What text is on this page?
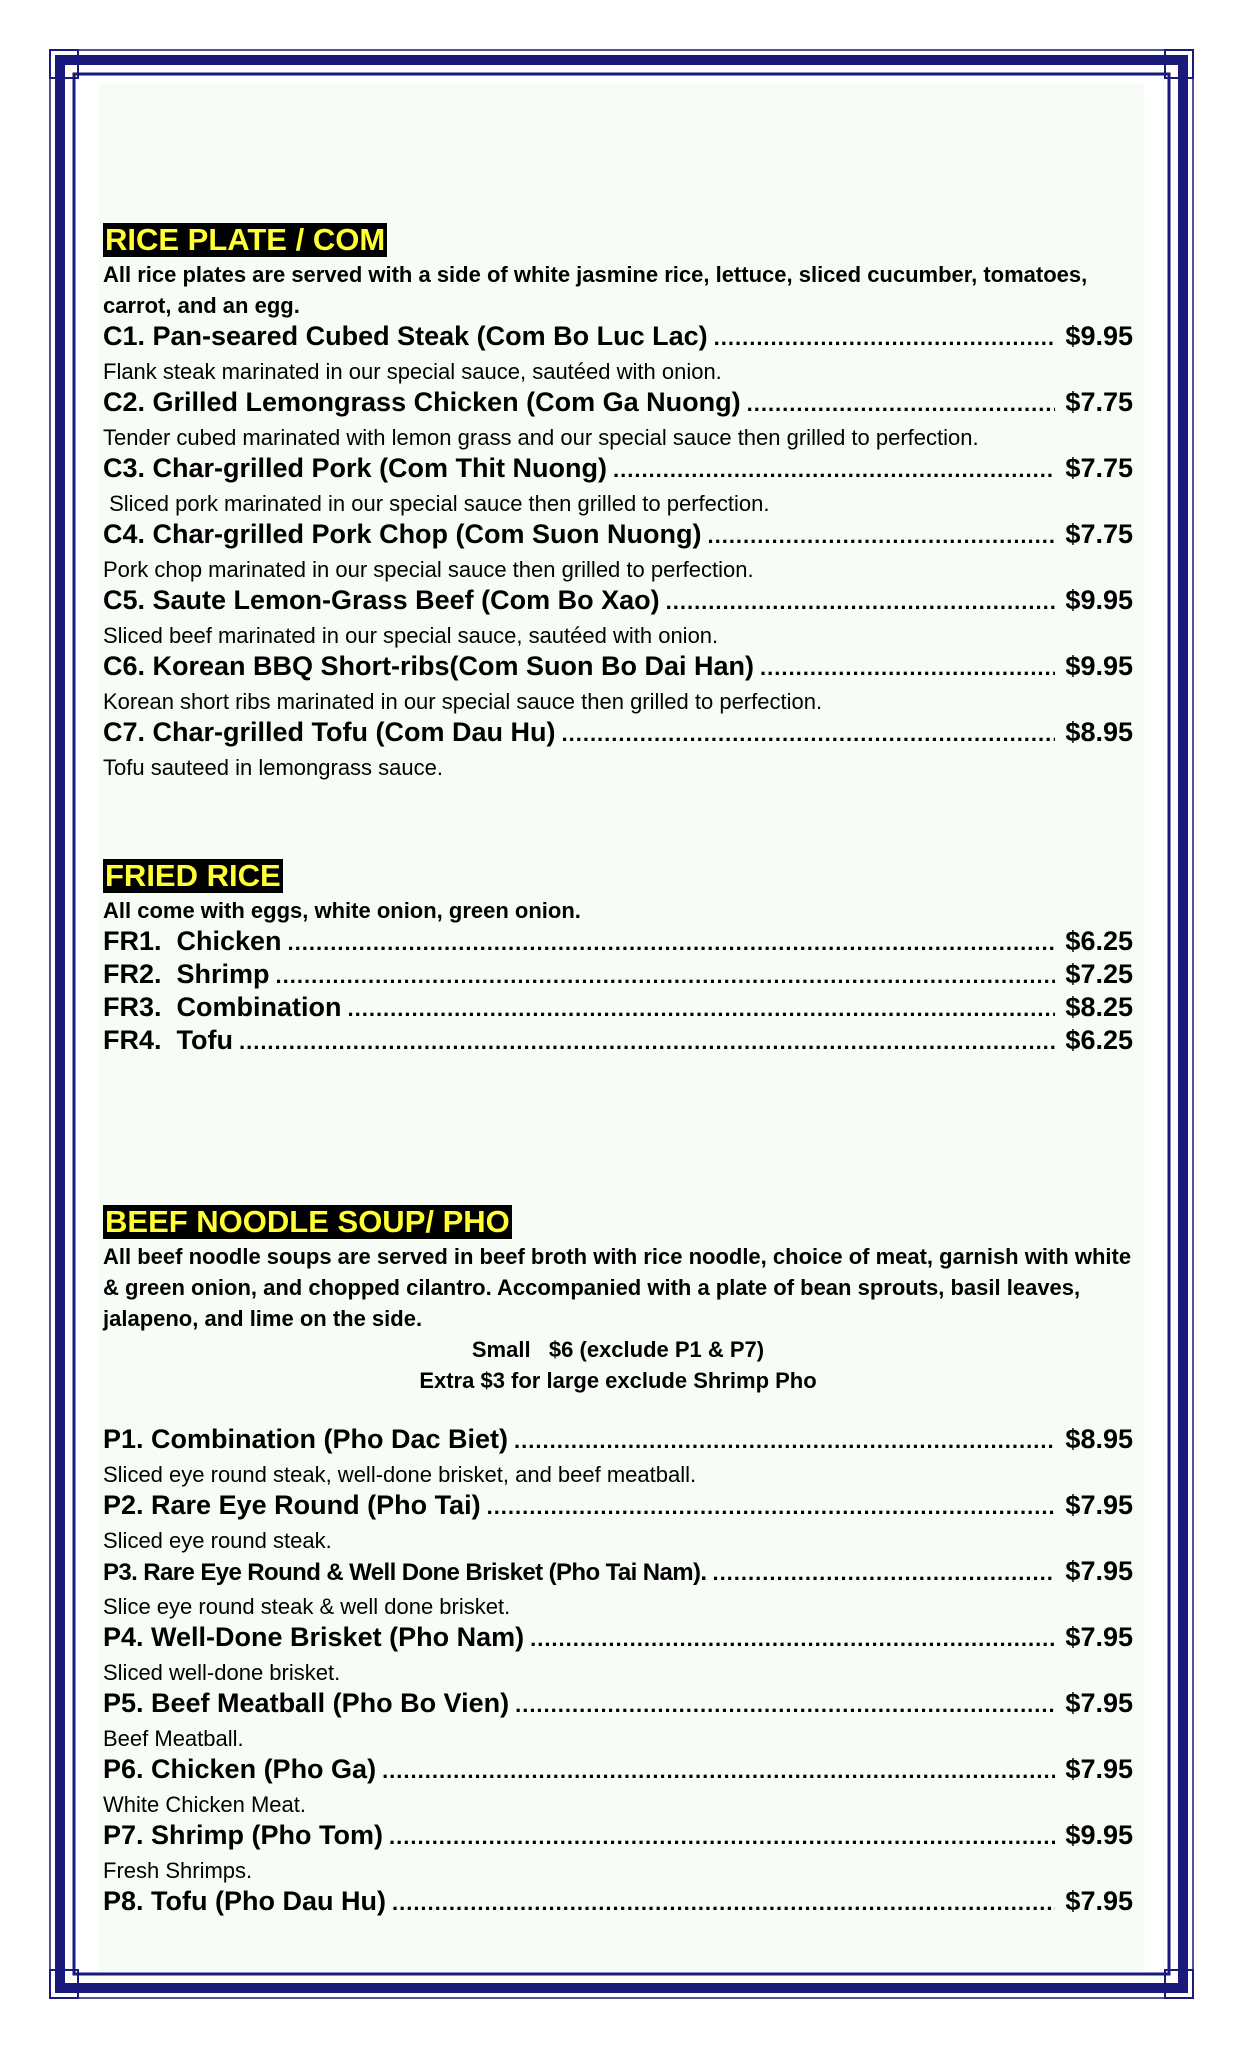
RICE PLATE / COM
All rice plates are served with a side of white jasmine rice, lettuce, sliced cucumber, tomatoes, carrot, and an egg.
C1. Pan-seared Cubed Steak (Com Bo Luc Lac) .....	$9.95
Flank steak marinated in our special sauce, sautéed with onion.
C2. Grilled Lemongrass Chicken (Com Ga Nuong) .....	$7.75
Tender cubed marinated with lemon grass and our special sauce then grilled to perfection.
C3. Char-grilled Pork (Com Thit Nuong) .....	$7.75
Sliced pork marinated in our special sauce then grilled to perfection.
C4. Char-grilled Pork Chop (Com Suon Nuong) .....	$7.75
Pork chop marinated in our special sauce then grilled to perfection.
C5. Saute Lemon-Grass Beef (Com Bo Xao) .....	$9.95
Sliced beef marinated in our special sauce, sautéed with onion.
C6. Korean BBQ Short-ribs(Com Suon Bo Dai Han) .....	$9.95
Korean short ribs marinated in our special sauce then grilled to perfection.
C7. Char-grilled Tofu (Com Dau Hu) .....	$8.95
Tofu sauteed in lemongrass sauce.
FRIED RICE
All come with eggs, white onion, green onion.
FR1.  Chicken .....	$6.25
FR2.  Shrimp .....	$7.25
FR3.  Combination .....	$8.25
FR4.  Tofu .....	$6.25
BEEF NOODLE SOUP/ PHO
All beef noodle soups are served in beef broth with rice noodle, choice of meat, garnish with white & green onion, and chopped cilantro. Accompanied with a plate of bean sprouts, basil leaves, jalapeno, and lime on the side.
Small   $6 (exclude P1 & P7)
Extra $3 for large exclude Shrimp Pho
P1. Combination (Pho Dac Biet) .....	$8.95
Sliced eye round steak, well-done brisket, and beef meatball.
P2. Rare Eye Round (Pho Tai) .....	$7.95
Sliced eye round steak.
P3. Rare Eye Round & Well Done Brisket (Pho Tai Nam). .....	$7.95
Slice eye round steak & well done brisket.
P4. Well-Done Brisket (Pho Nam) .....	$7.95
Sliced well-done brisket.
P5. Beef Meatball (Pho Bo Vien) .....	$7.95
Beef Meatball.
P6. Chicken (Pho Ga) .....	$7.95
White Chicken Meat.
P7. Shrimp (Pho Tom) .....	$9.95
Fresh Shrimps.
P8. Tofu (Pho Dau Hu) .....	$7.95
